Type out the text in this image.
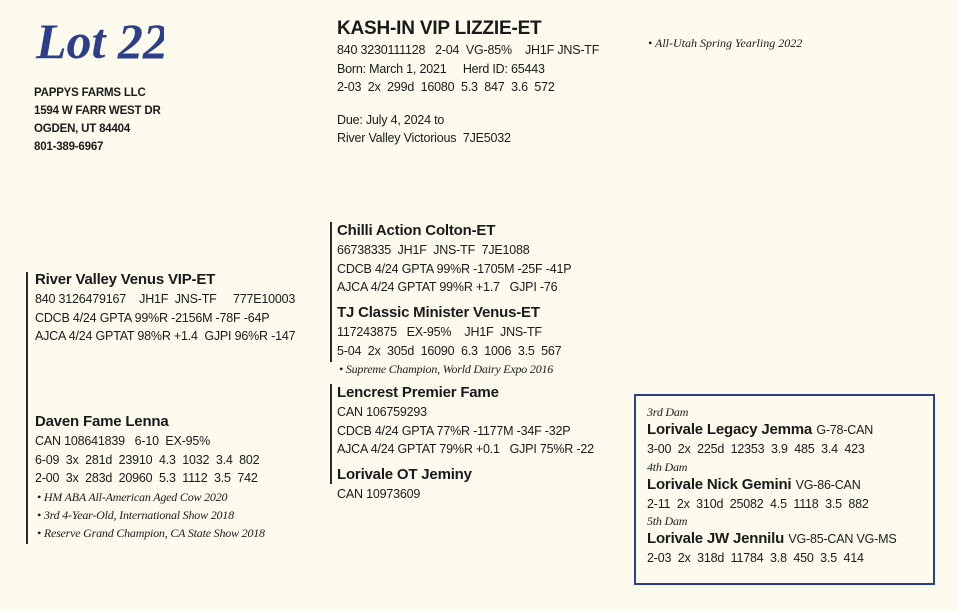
Lot 22
PAPPYS FARMS LLC
1594 W FARR WEST DR
OGDEN, UT 84404
801-389-6967
KASH-IN VIP LIZZIE-ET
840 3230111128   2-04  VG-85%    JH1F JNS-TF
Born: March 1, 2021     Herd ID: 65443
2-03  2x  299d  16080  5.3  847  3.6  572
Due: July 4, 2024 to
River Valley Victorious  7JE5032
• All-Utah Spring Yearling 2022
River Valley Venus VIP-ET
840 3126479167    JH1F  JNS-TF     777E10003
CDCB 4/24 GPTA 99%R -2156M -78F -64P
AJCA 4/24 GPTAT 98%R +1.4  GJPI 96%R -147
Daven Fame Lenna
CAN 108641839   6-10  EX-95%
6-09  3x  281d  23910  4.3  1032  3.4  802
2-00  3x  283d  20960  5.3  1112  3.5  742
• HM ABA All-American Aged Cow 2020
• 3rd 4-Year-Old, International Show 2018
• Reserve Grand Champion, CA State Show 2018
Chilli Action Colton-ET
66738335  JH1F  JNS-TF  7JE1088
CDCB 4/24 GPTA 99%R -1705M -25F -41P
AJCA 4/24 GPTAT 99%R +1.7   GJPI -76
TJ Classic Minister Venus-ET
117243875   EX-95%    JH1F  JNS-TF
5-04  2x  305d  16090  6.3  1006  3.5  567
• Supreme Champion, World Dairy Expo 2016
Lencrest Premier Fame
CAN 106759293
CDCB 4/24 GPTA 77%R -1177M -34F -32P
AJCA 4/24 GPTAT 79%R +0.1   GJPI 75%R -22
Lorivale OT Jeminy
CAN 10973609
3rd Dam
Lorivale Legacy Jemma G-78-CAN
3-00  2x  225d  12353  3.9  485  3.4  423
4th Dam
Lorivale Nick Gemini VG-86-CAN
2-11  2x  310d  25082  4.5  1118  3.5  882
5th Dam
Lorivale JW Jennilu VG-85-CAN VG-MS
2-03  2x  318d  11784  3.8  450  3.5  414
